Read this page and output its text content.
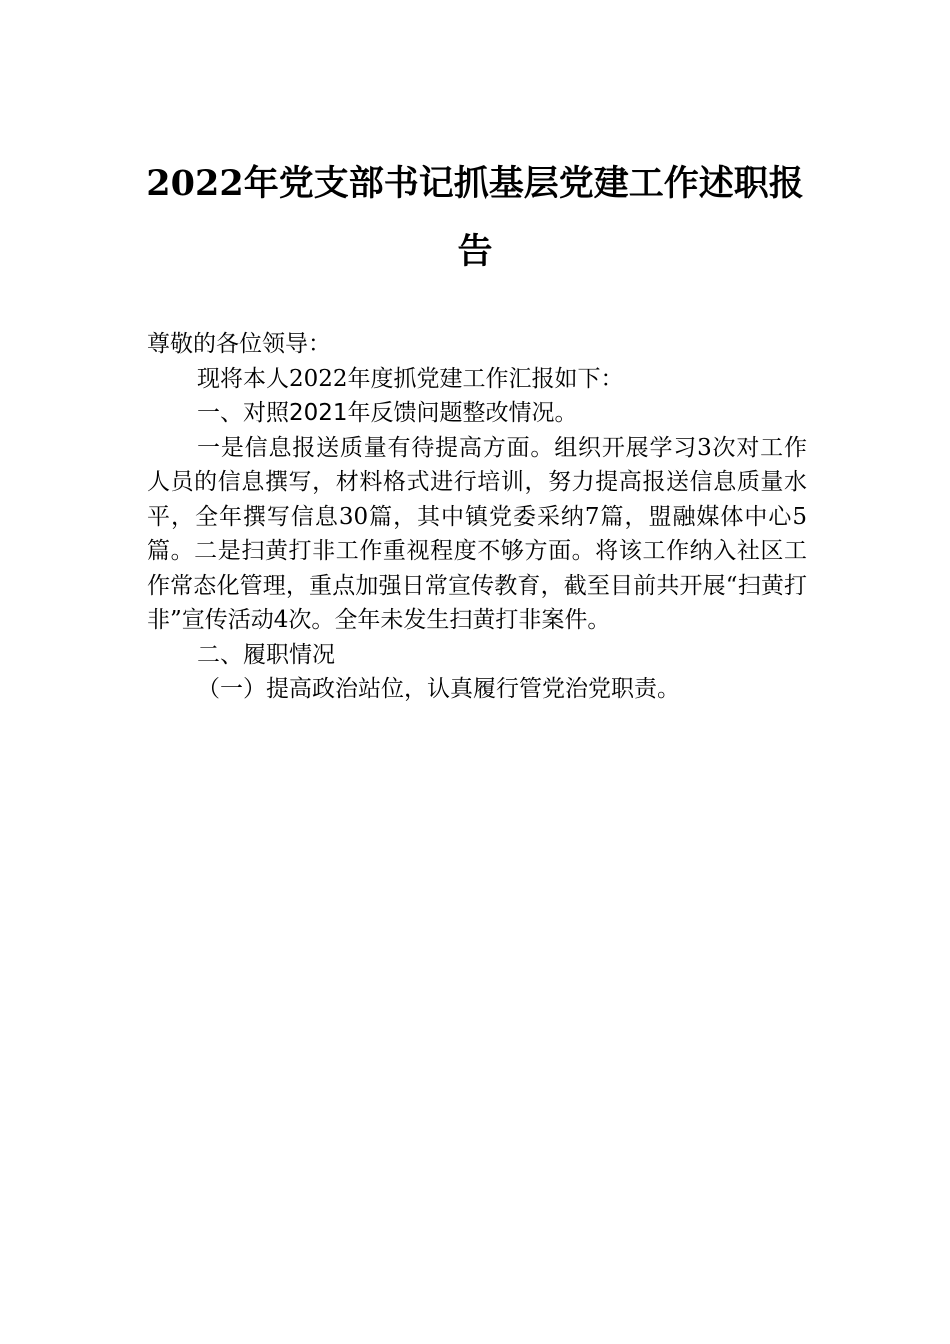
2022年党支部书记抓基层党建工作述职报
告

尊敬的各位领导：

现将本人2022年度抓党建工作汇报如下：

一、对照2021年反馈问题整改情况。

一是信息报送质量有待提高方面。组织开展学习3次对工作人员的信息撰写，材料格式进行培训，努力提高报送信息质量水平，全年撰写信息30篇，其中镇党委采纳7篇，盟融媒体中心5篇。二是扫黄打非工作重视程度不够方面。将该工作纳入社区工作常态化管理，重点加强日常宣传教育，截至目前共开展“扫黄打非”宣传活动4次。全年未发生扫黄打非案件。

二、履职情况

（一）提高政治站位，认真履行管党治党职责。
